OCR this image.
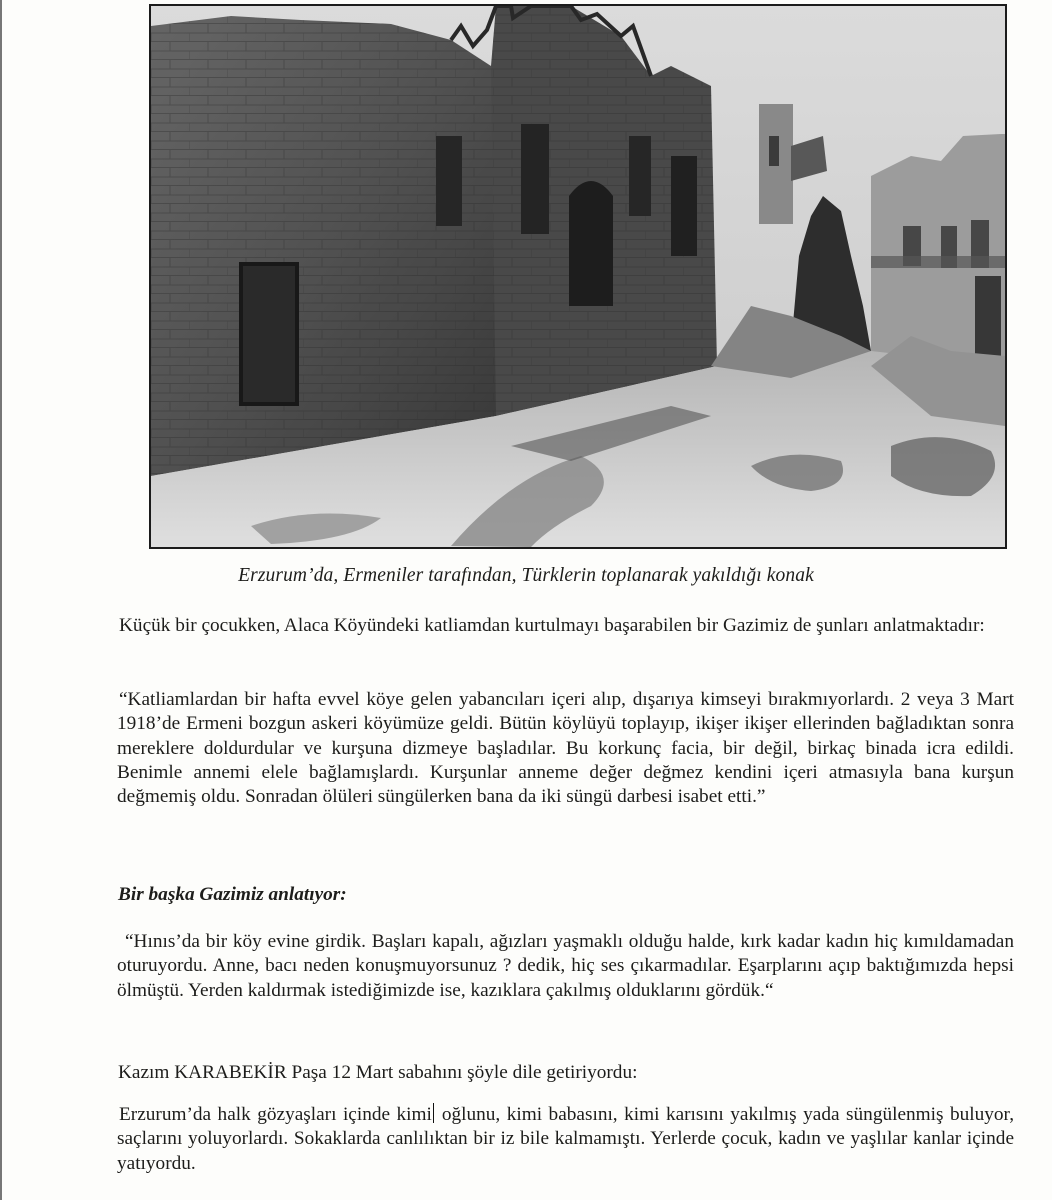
Erzurum’da, Ermeniler tarafından, Türklerin toplanarak yakıldığı konak
Küçük bir çocukken, Alaca Köyündeki katliamdan kurtulmayı başarabilen bir Gazimiz de şunları anlatmaktadır:
“Katliamlardan bir hafta evvel köye gelen yabancıları içeri alıp, dışarıya kimseyi bırakmıyorlardı. 2 veya 3 Mart 1918’de Ermeni bozgun askeri köyümüze geldi. Bütün köylüyü toplayıp, ikişer ikişer ellerinden bağladıktan sonra mereklere doldurdular ve kurşuna dizmeye başladılar. Bu korkunç facia, bir değil, birkaç binada icra edildi. Benimle annemi elele bağlamışlardı. Kurşunlar anneme değer değmez kendini içeri atmasıyla bana kurşun değmemiş oldu. Sonradan ölüleri süngülerken bana da iki süngü darbesi isabet etti.”
Bir başka Gazimiz anlatıyor:
“Hınıs’da bir köy evine girdik. Başları kapalı, ağızları yaşmaklı olduğu halde, kırk kadar kadın hiç kımıldamadan oturuyordu. Anne, bacı neden konuşmuyorsunuz ? dedik, hiç ses çıkarmadılar. Eşarplarını açıp baktığımızda hepsi ölmüştü. Yerden kaldırmak istediğimizde ise, kazıklara çakılmış olduklarını gördük.“
Kazım KARABEKİR Paşa 12 Mart sabahını şöyle dile getiriyordu:
Erzurum’da halk gözyaşları içinde kimi oğlunu, kimi babasını, kimi karısını yakılmış yada süngülenmiş buluyor, saçlarını yoluyorlardı. Sokaklarda canlılıktan bir iz bile kalmamıştı. Yerlerde çocuk, kadın ve yaşlılar kanlar içinde yatıyordu.
